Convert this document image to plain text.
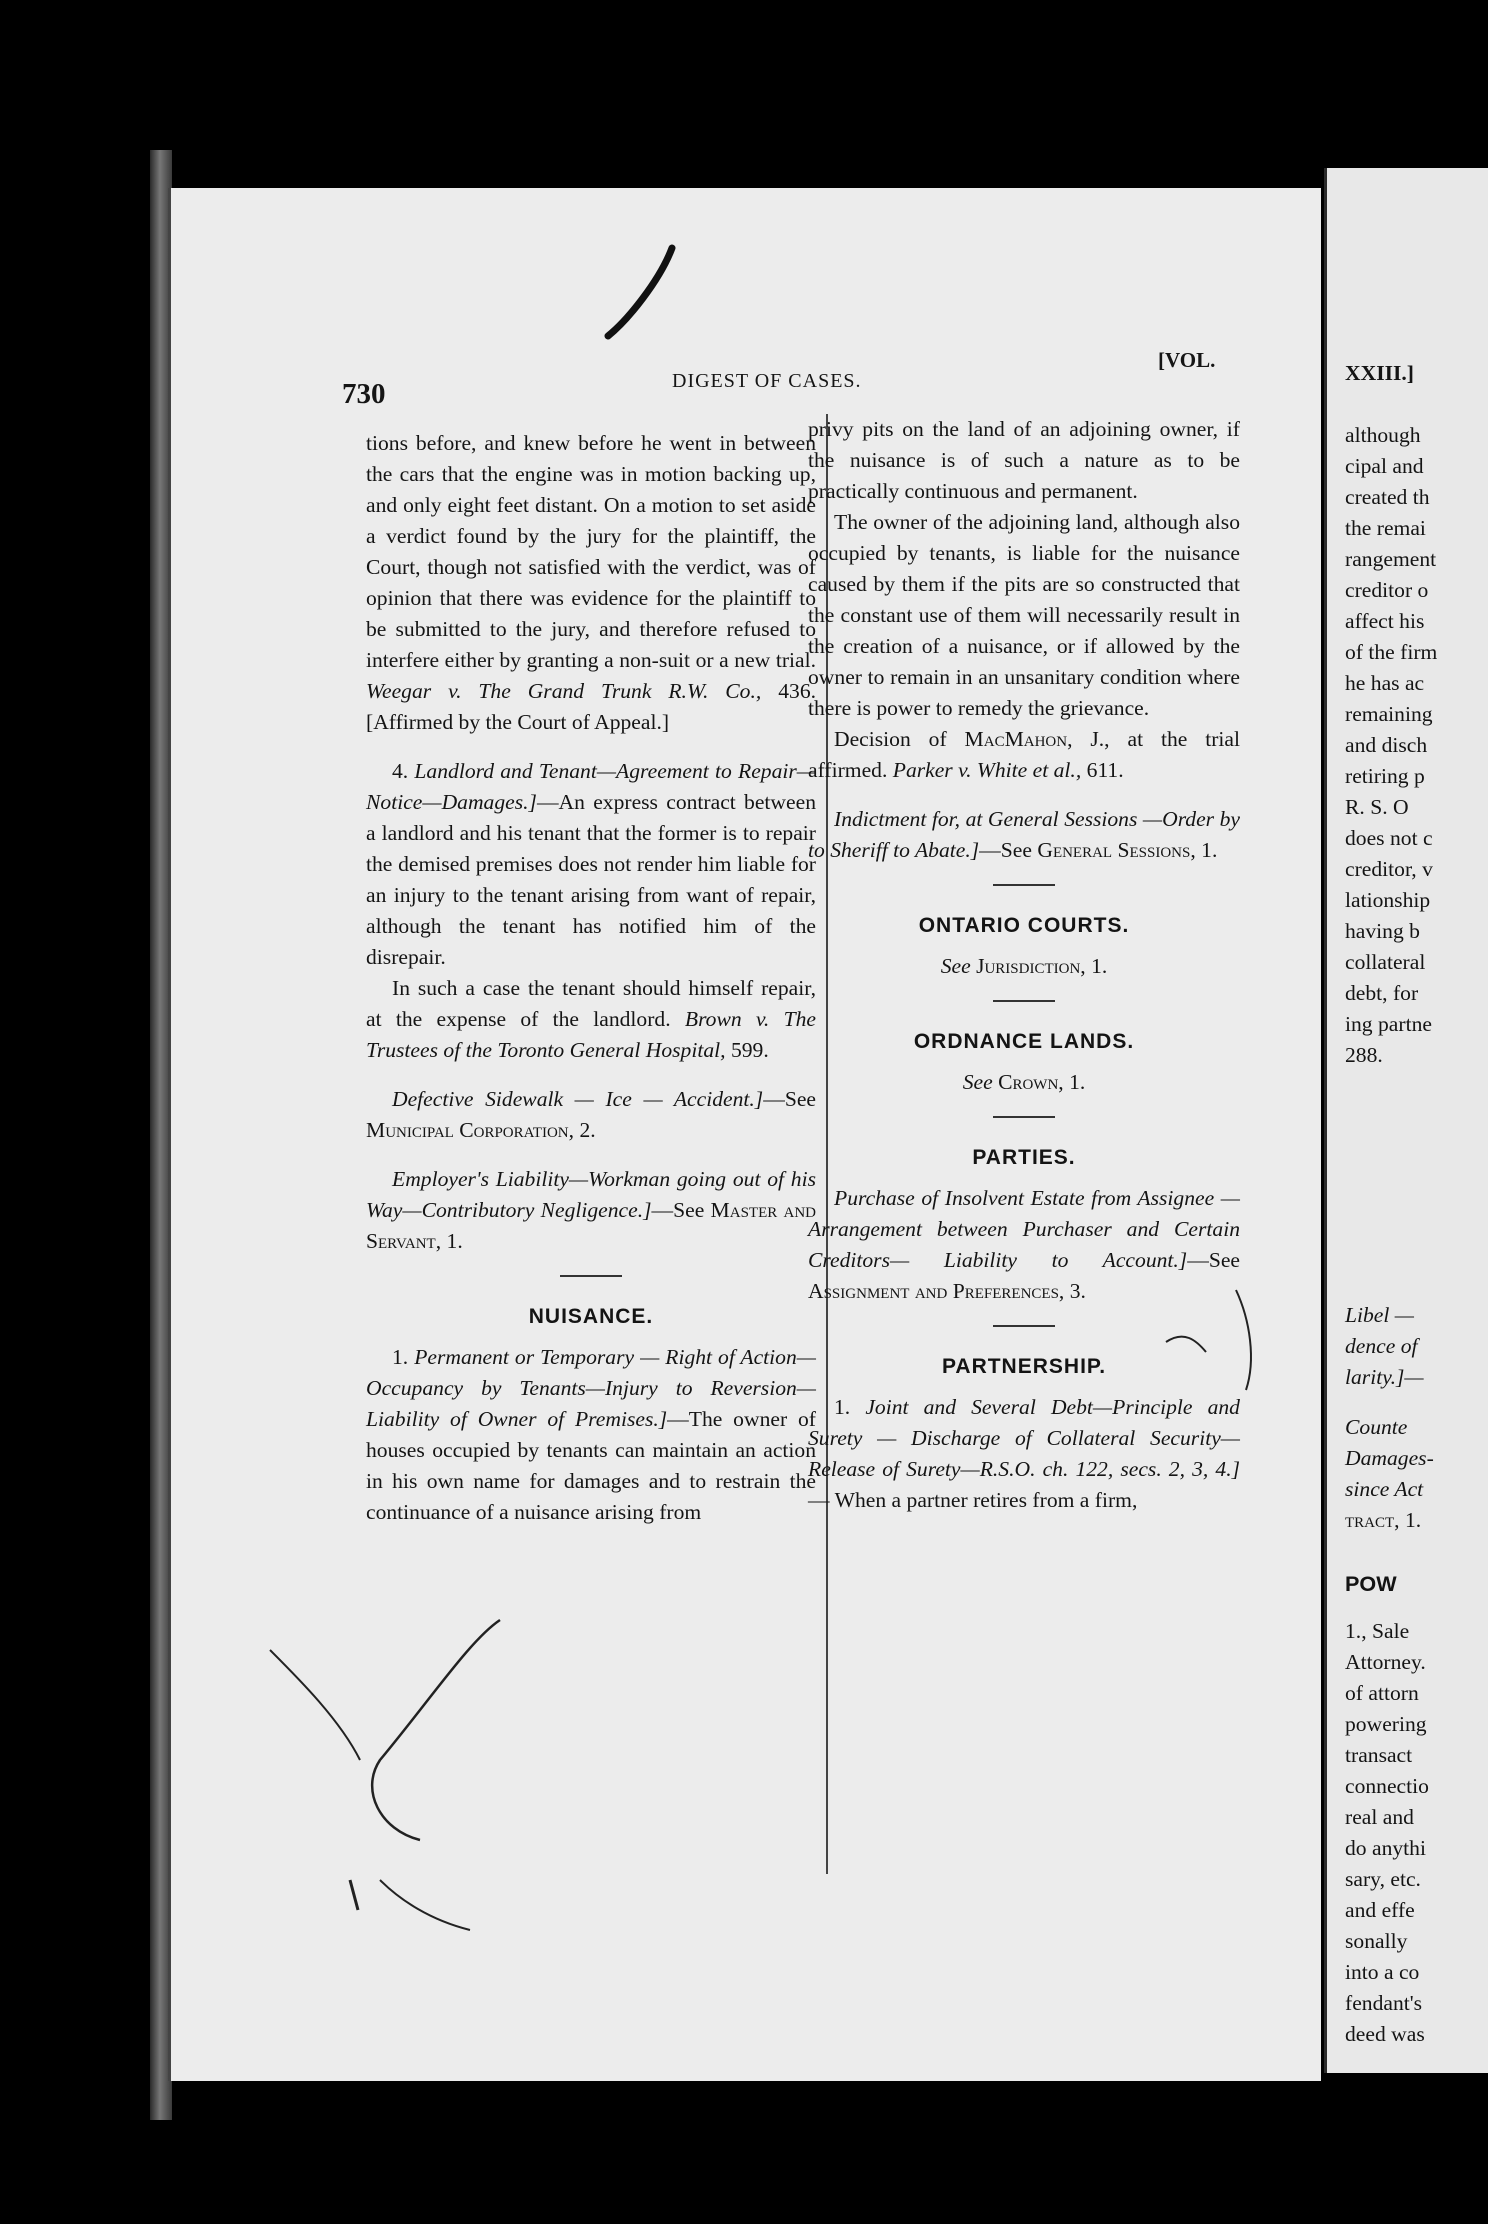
730	DIGEST OF CASES.
[VOL.

tions before, and knew before he went in between the cars that the engine was in motion backing up, and only eight feet distant. On a motion to set aside a verdict found by the jury for the plaintiff, the Court, though not satisfied with the verdict, was of opinion that there was evidence for the plaintiff to be submitted to the jury, and therefore refused to interfere either by granting a non-suit or a new trial. Weegar v. The Grand Trunk R.W. Co., 436. [Affirmed by the Court of Appeal.]

4. Landlord and Tenant—Agreement to Repair—Notice—Damages.]—An express contract between a landlord and his tenant that the former is to repair the demised premises does not render him liable for an injury to the tenant arising from want of repair, although the tenant has notified him of the disrepair.

In such a case the tenant should himself repair, at the expense of the landlord. Brown v. The Trustees of the Toronto General Hospital, 599.

Defective Sidewalk — Ice — Accident.]—See Municipal Corporation, 2.

Employer's Liability—Workman going out of his Way—Contributory Negligence.]—See Master and Servant, 1.

NUISANCE.

1. Permanent or Temporary — Right of Action—Occupancy by Tenants—Injury to Reversion—Liability of Owner of Premises.]—The owner of houses occupied by tenants can maintain an action in his own name for damages and to restrain the continuance of a nuisance arising from

privy pits on the land of an adjoining owner, if the nuisance is of such a nature as to be practically continuous and permanent.

The owner of the adjoining land, although also occupied by tenants, is liable for the nuisance caused by them if the pits are so constructed that the constant use of them will necessarily result in the creation of a nuisance, or if allowed by the owner to remain in an unsanitary condition where there is power to remedy the grievance.

Decision of MacMahon, J., at the trial affirmed. Parker v. White et al., 611.

Indictment for, at General Sessions —Order by to Sheriff to Abate.]—See General Sessions, 1.

ONTARIO COURTS.

See Jurisdiction, 1.

ORDNANCE LANDS.

See Crown, 1.

PARTIES.

Purchase of Insolvent Estate from Assignee — Arrangement between Purchaser and Certain Creditors— Liability to Account.]—See Assignment and Preferences, 3.

PARTNERSHIP.

1. Joint and Several Debt—Principle and Surety — Discharge of Collateral Security—Release of Surety—R.S.O. ch. 122, secs. 2, 3, 4.]— When a partner retires from a firm,

XXIII.]

although

cipal and

created th

the remai

rangement

creditor o

affect his

of the firm

he has ac

remaining

and disch

retiring p

R. S. O

does not c

creditor, v

lationship

having b

collateral

debt, for

ing partne

288.

Libel —

dence of

larity.]—

Counte

Damages-

since Act

tract, 1.

POW

1., Sale

Attorney.

of attorn

powering

transact

connectio

real and

do anythi

sary, etc.

and effe

sonally

into a co

fendant's

deed was
